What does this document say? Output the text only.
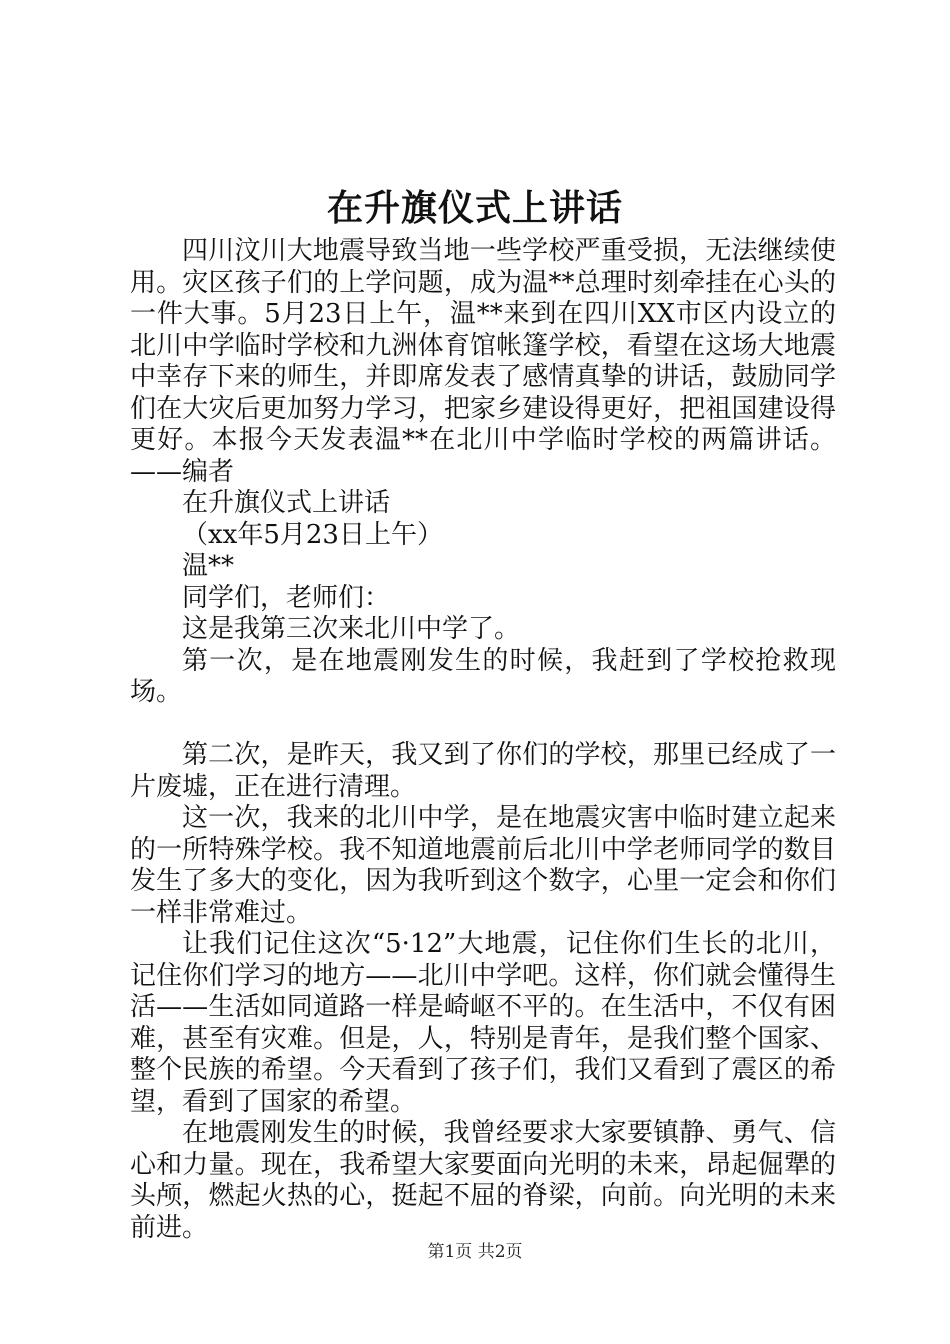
在升旗仪式上讲话

四川汶川大地震导致当地一些学校严重受损，无法继续使用。灾区孩子们的上学问题，成为温**总理时刻牵挂在心头的一件大事。5月23日上午，温**来到在四川XX市区内设立的北川中学临时学校和九洲体育馆帐篷学校，看望在这场大地震中幸存下来的师生，并即席发表了感情真挚的讲话，鼓励同学们在大灾后更加努力学习，把家乡建设得更好，把祖国建设得更好。本报今天发表温**在北川中学临时学校的两篇讲话。——编者

在升旗仪式上讲话

（xx年5月23日上午）

温**

同学们，老师们：

这是我第三次来北川中学了。

第一次，是在地震刚发生的时候，我赶到了学校抢救现场。

第二次，是昨天，我又到了你们的学校，那里已经成了一片废墟，正在进行清理。

这一次，我来的北川中学，是在地震灾害中临时建立起来的一所特殊学校。我不知道地震前后北川中学老师同学的数目发生了多大的变化，因为我听到这个数字，心里一定会和你们一样非常难过。

让我们记住这次“5·12”大地震，记住你们生长的北川，记住你们学习的地方——北川中学吧。这样，你们就会懂得生活——生活如同道路一样是崎岖不平的。在生活中，不仅有困难，甚至有灾难。但是，人，特别是青年，是我们整个国家、整个民族的希望。今天看到了孩子们，我们又看到了震区的希望，看到了国家的希望。

在地震刚发生的时候，我曾经要求大家要镇静、勇气、信心和力量。现在，我希望大家要面向光明的未来，昂起倔犟的头颅，燃起火热的心，挺起不屈的脊梁，向前。向光明的未来前进。

第1页 共2页
